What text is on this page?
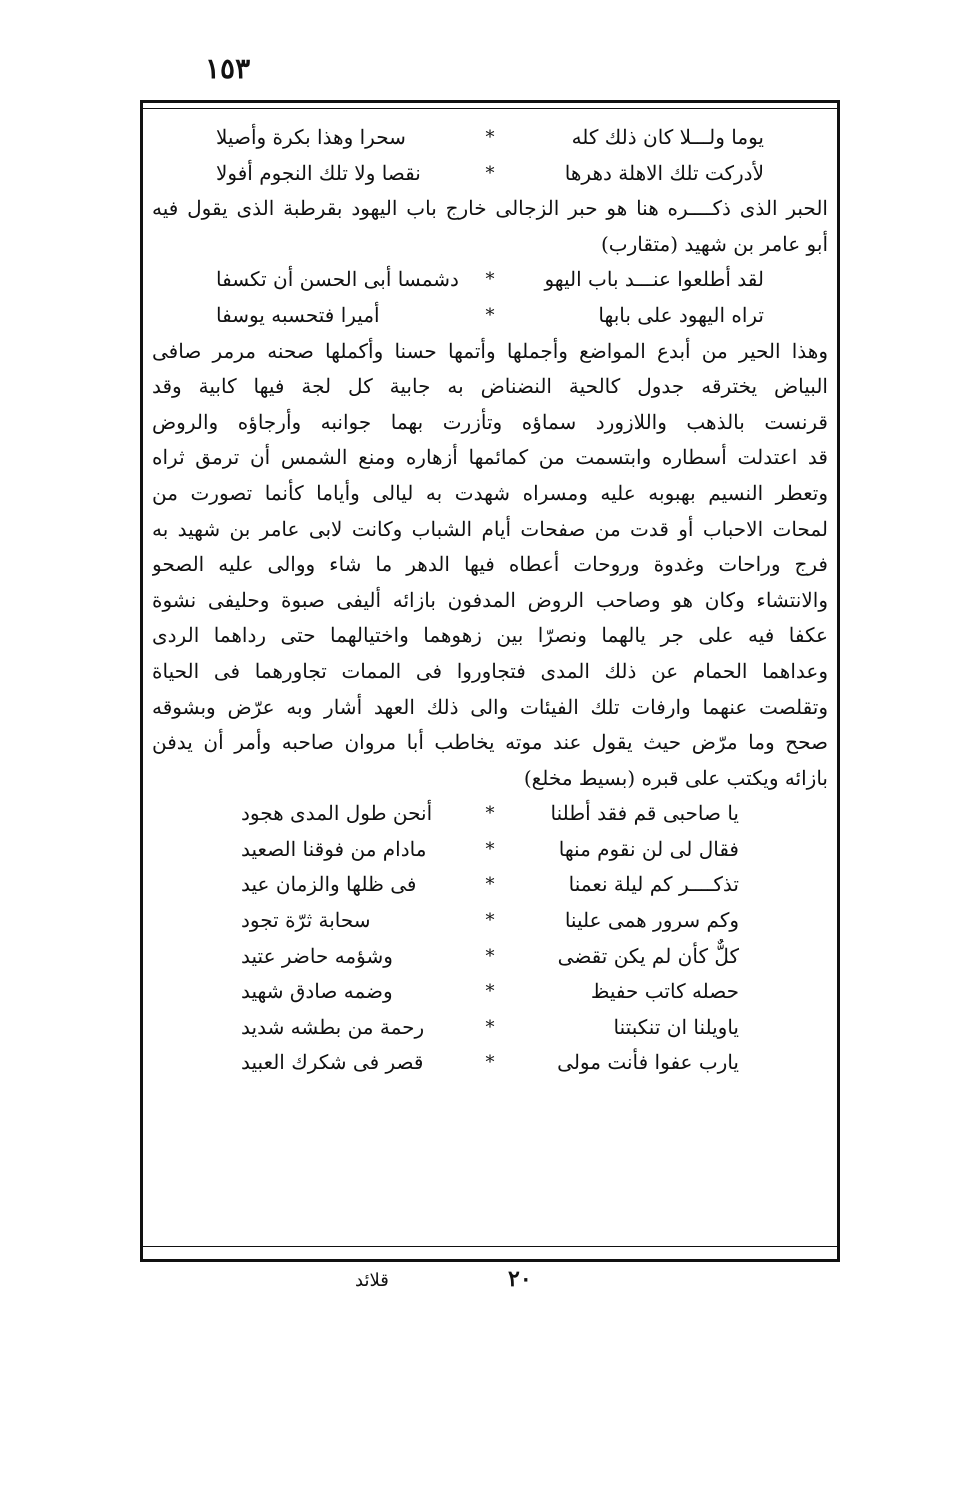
١٥٣
يوما ولـــلا كان ذلك كله
*
سحرا وهذا بكرة وأصيلا
لأدركت تلك الاهلة دهرها
*
نقصا ولا تلك النجوم أفولا
الحبر الذى ذكــــره هنا هو حبر الزجالى خارج باب اليهود بقرطبة الذى يقول فيه
أبو عامر بن شهيد (متقارب)
لقد أطلعوا عنـــد باب اليهو
*
دشمسا أبى الحسن أن تكسفا
تراه اليهود على بابها
*
أميرا فتحسبه يوسفا
وهذا الحير من أبدع المواضع وأجملها وأتمها حسنا وأكملها صحنه مرمر صافى
البياض يخترقه جدول كالحية النضناض به جابية كل لجة فيها كابية وقد
قرنست بالذهب واللازورد سماؤه وتأزرت بهما جوانبه وأرجاؤه والروض
قد اعتدلت أسطاره وابتسمت من كمائمها أزهاره ومنع الشمس أن ترمق ثراه
وتعطر النسيم بهبوبه عليه ومسراه شهدت به ليالى وأياما كأنما تصورت من
لمحات الاحباب أو قدت من صفحات أيام الشباب وكانت لابى عامر بن شهيد به
فرج وراحات وغدوة وروحات أعطاه فيها الدهر ما شاء ووالى عليه الصحو
والانتشاء وكان هو وصاحب الروض المدفون بازائه أليفى صبوة وحليفى نشوة
عكفا فيه على جر يالهما ونصرّا بين زهوهما واختيالهما حتى رداهما الردى
وعداهما الحمام عن ذلك المدى فتجاوروا فى الممات تجاورهما فى الحياة
وتقلصت عنهما وارفات تلك الفيئات والى ذلك العهد أشار وبه عرّض وبشوقه
صحح وما مرّض حيث يقول عند موته يخاطب أبا مروان صاحبه وأمر أن يدفن
بازائه ويكتب على قبره (بسيط مخلع)
يا صاحبى قم فقد أطلنا
*
أنحن طول المدى هجود
فقال لى لن نقوم منها
*
مادام من فوقنا الصعيد
تذكــــر كم ليلة نعمنا
*
فى ظلها والزمان عيد
وكم سرور همى علينا
*
سحابة ثرّة تجود
كلٌّ كأن لم يكن تقضى
*
وشؤمه حاضر عتيد
حصله كاتب حفيظ
*
وضمه صادق شهيد
ياويلنا ان تنكبتنا
*
رحمة من بطشه شديد
يارب عفوا فأنت مولى
*
قصر فى شكرك العبيد
قلائد	٢٠
